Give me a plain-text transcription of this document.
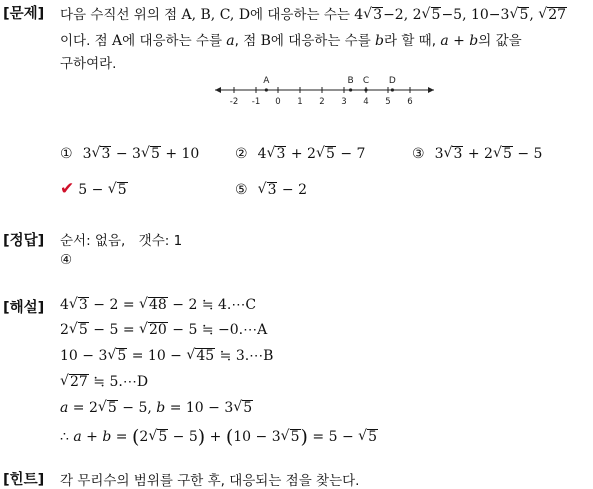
[문제] 다음 수직선 위의 점 A, B, C, D에 대응하는 수는 4 √ 3−2, 2 √ 5−5, 10−3 √ 5, √ 27
이다. 점 A에 대응하는 수를 a, 점 B에 대응하는 수를 b라 할 때, a + b의 값을
구하여라.
-2 -1 0 1 2 3 4 5 6
A	B C D
① 3 √ 3 − 3 √ 5 + 10	② 4 √ 3 + 2 √ 5 − 7	③ 3 √ 3 + 2 √ 5 − 5
✔ 5 − √ 5	⑤ √ 3 − 2
[정답] 순서: 없음, 갯수: 1
④
[해설] 4 √ 3 − 2 = √ 48 − 2 ≒ 4.⋯C
2 √ 5 − 5 = √ 20 − 5 ≒ −0.⋯A
10 − 3 √ 5 = 10 − √ 45 ≒ 3.⋯B
√ 27 ≒ 5.⋯D
a = 2 √ 5 − 5, b = 10 − 3 √ 5
∴ a + b = (2 √ 5 − 5) + (10 − 3 √ 5) = 5 − √ 5
[힌트] 각 무리수의 범위를 구한 후, 대응되는 점을 찾는다.
